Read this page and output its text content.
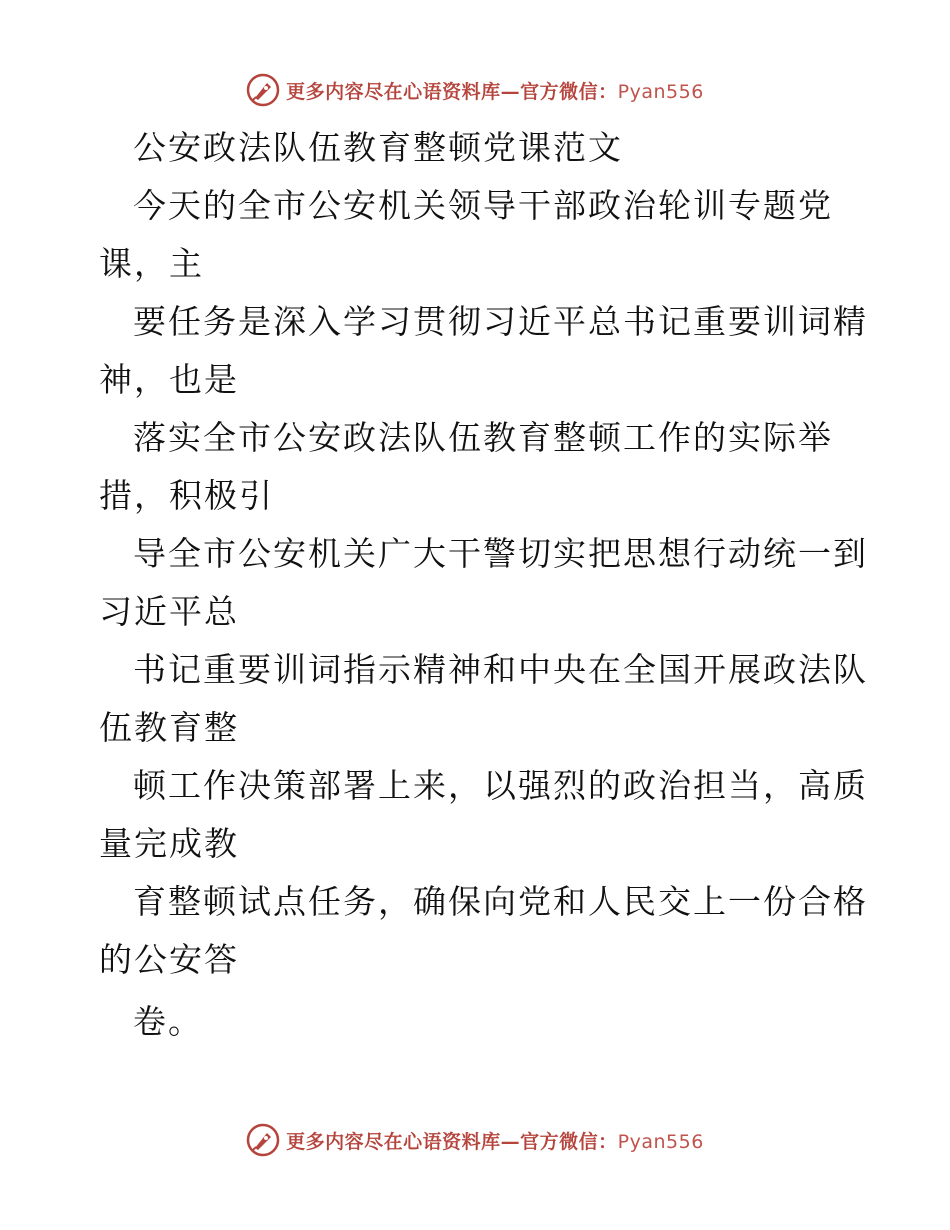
更多内容尽在心语资料库—官方微信：Pyan556
公安政法队伍教育整顿党课范文
今天的全市公安机关领导干部政治轮训专题党
课，主
要任务是深入学习贯彻习近平总书记重要训词精
神，也是
落实全市公安政法队伍教育整顿工作的实际举
措，积极引
导全市公安机关广大干警切实把思想行动统一到
习近平总
书记重要训词指示精神和中央在全国开展政法队
伍教育整
顿工作决策部署上来，以强烈的政治担当，高质
量完成教
育整顿试点任务，确保向党和人民交上一份合格
的公安答
卷。
更多内容尽在心语资料库—官方微信：Pyan556
